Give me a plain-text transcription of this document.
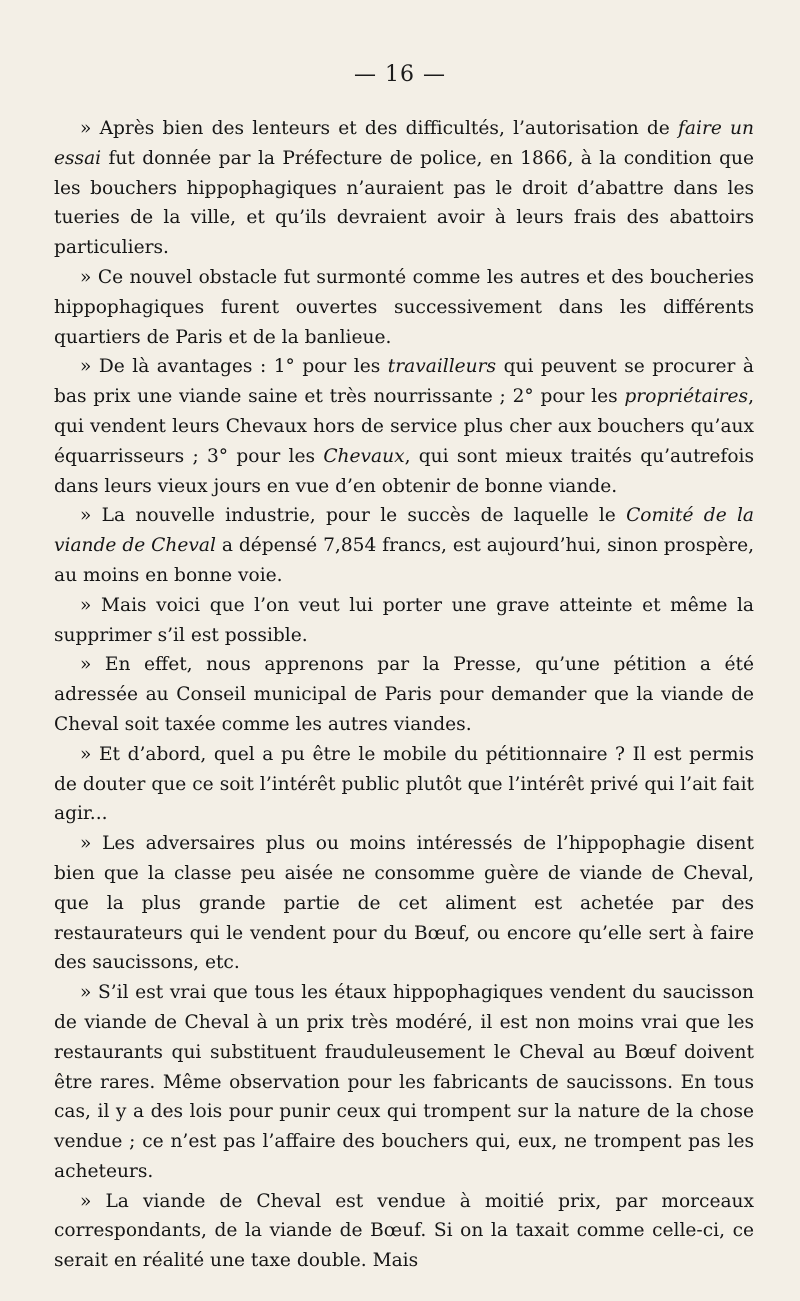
— 16 —

» Après bien des lenteurs et des difficultés, l’autorisation de faire un essai fut donnée par la Préfecture de police, en 1866, à la condition que les bouchers hippophagiques n’auraient pas le droit d’abattre dans les tueries de la ville, et qu’ils devraient avoir à leurs frais des abattoirs particuliers.

» Ce nouvel obstacle fut surmonté comme les autres et des boucheries hippophagiques furent ouvertes successivement dans les différents quartiers de Paris et de la banlieue.

» De là avantages : 1° pour les travailleurs qui peuvent se procurer à bas prix une viande saine et très nourrissante ; 2° pour les propriétaires, qui vendent leurs Chevaux hors de service plus cher aux bouchers qu’aux équarrisseurs ; 3° pour les Chevaux, qui sont mieux traités qu’autrefois dans leurs vieux jours en vue d’en obtenir de bonne viande.

» La nouvelle industrie, pour le succès de laquelle le Comité de la viande de Cheval a dépensé 7,854 francs, est aujourd’hui, sinon prospère, au moins en bonne voie.

» Mais voici que l’on veut lui porter une grave atteinte et même la supprimer s’il est possible.

» En effet, nous apprenons par la Presse, qu’une pétition a été adressée au Conseil municipal de Paris pour demander que la viande de Cheval soit taxée comme les autres viandes.

» Et d’abord, quel a pu être le mobile du pétitionnaire ? Il est permis de douter que ce soit l’intérêt public plutôt que l’intérêt privé qui l’ait fait agir...

» Les adversaires plus ou moins intéressés de l’hippophagie disent bien que la classe peu aisée ne consomme guère de viande de Cheval, que la plus grande partie de cet aliment est achetée par des restaurateurs qui le vendent pour du Bœuf, ou encore qu’elle sert à faire des saucissons, etc.

» S’il est vrai que tous les étaux hippophagiques vendent du saucisson de viande de Cheval à un prix très modéré, il est non moins vrai que les restaurants qui substituent frauduleusement le Cheval au Bœuf doivent être rares. Même observation pour les fabricants de saucissons. En tous cas, il y a des lois pour punir ceux qui trompent sur la nature de la chose vendue ; ce n’est pas l’affaire des bouchers qui, eux, ne trompent pas les acheteurs.

» La viande de Cheval est vendue à moitié prix, par morceaux correspondants, de la viande de Bœuf. Si on la taxait comme celle-ci, ce serait en réalité une taxe double. Mais
